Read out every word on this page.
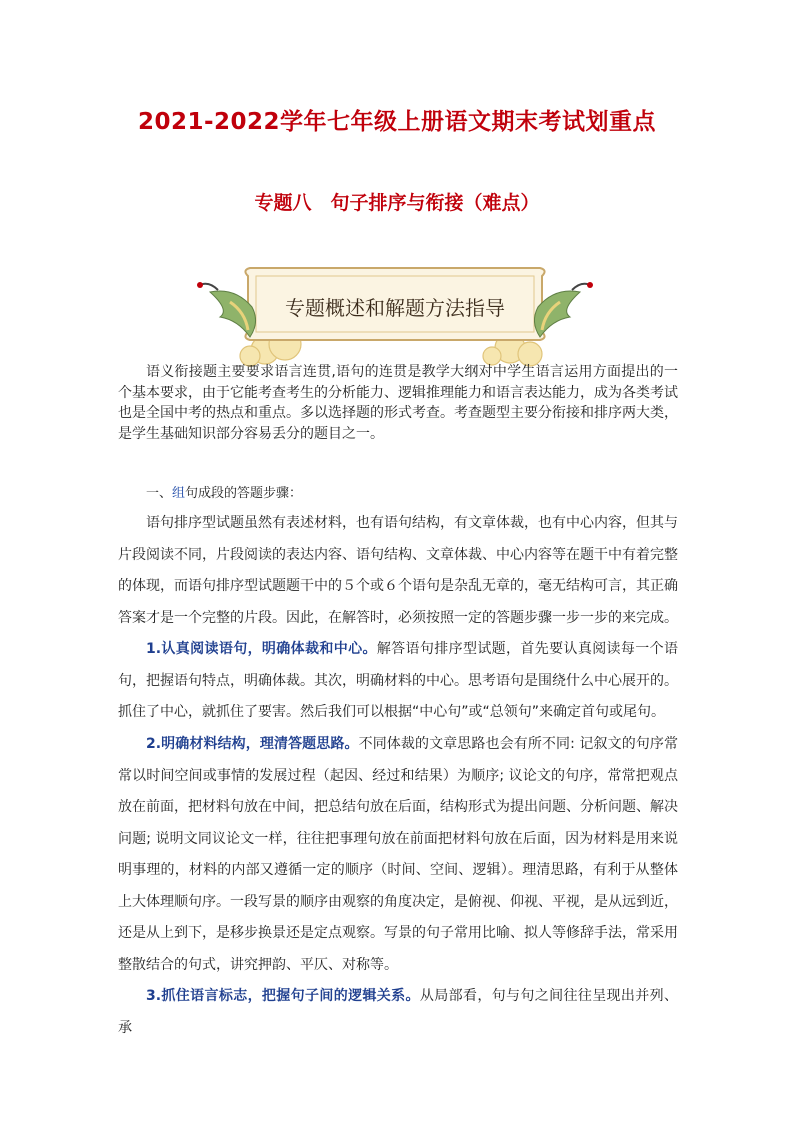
2021-2022学年七年级上册语文期末考试划重点
专题八　句子排序与衔接（难点）
专题概述和解题方法指导

语义衔接题主要要求语言连贯,语句的连贯是教学大纲对中学生语言运用方面提出的一个基本要求，由于它能考查考生的分析能力、逻辑推理能力和语言表达能力，成为各类考试也是全国中考的热点和重点。多以选择题的形式考查。考查题型主要分衔接和排序两大类，是学生基础知识部分容易丢分的题目之一。

一、组句成段的答题步骤：

语句排序型试题虽然有表述材料，也有语句结构，有文章体裁，也有中心内容，但其与片段阅读不同，片段阅读的表达内容、语句结构、文章体裁、中心内容等在题干中有着完整的体现，而语句排序型试题题干中的５个或６个语句是杂乱无章的，毫无结构可言，其正确答案才是一个完整的片段。因此，在解答时，必须按照一定的答题步骤一步一步的来完成。

1.认真阅读语句，明确体裁和中心。解答语句排序型试题，首先要认真阅读每一个语句，把握语句特点，明确体裁。其次，明确材料的中心。思考语句是围绕什么中心展开的。抓住了中心，就抓住了要害。然后我们可以根据“中心句”或“总领句”来确定首句或尾句。

2.明确材料结构，理清答题思路。不同体裁的文章思路也会有所不同: 记叙文的句序常常以时间空间或事情的发展过程（起因、经过和结果）为顺序; 议论文的句序，常常把观点放在前面，把材料句放在中间，把总结句放在后面，结构形式为提出问题、分析问题、解决问题; 说明文同议论文一样，往往把事理句放在前面把材料句放在后面，因为材料是用来说明事理的，材料的内部又遵循一定的顺序（时间、空间、逻辑）。理清思路，有利于从整体上大体理顺句序。一段写景的顺序由观察的角度决定，是俯视、仰视、平视，是从远到近，还是从上到下，是移步换景还是定点观察。写景的句子常用比喻、拟人等修辞手法，常采用整散结合的句式，讲究押韵、平仄、对称等。

3.抓住语言标志，把握句子间的逻辑关系。从局部看，句与句之间往往呈现出并列、承
